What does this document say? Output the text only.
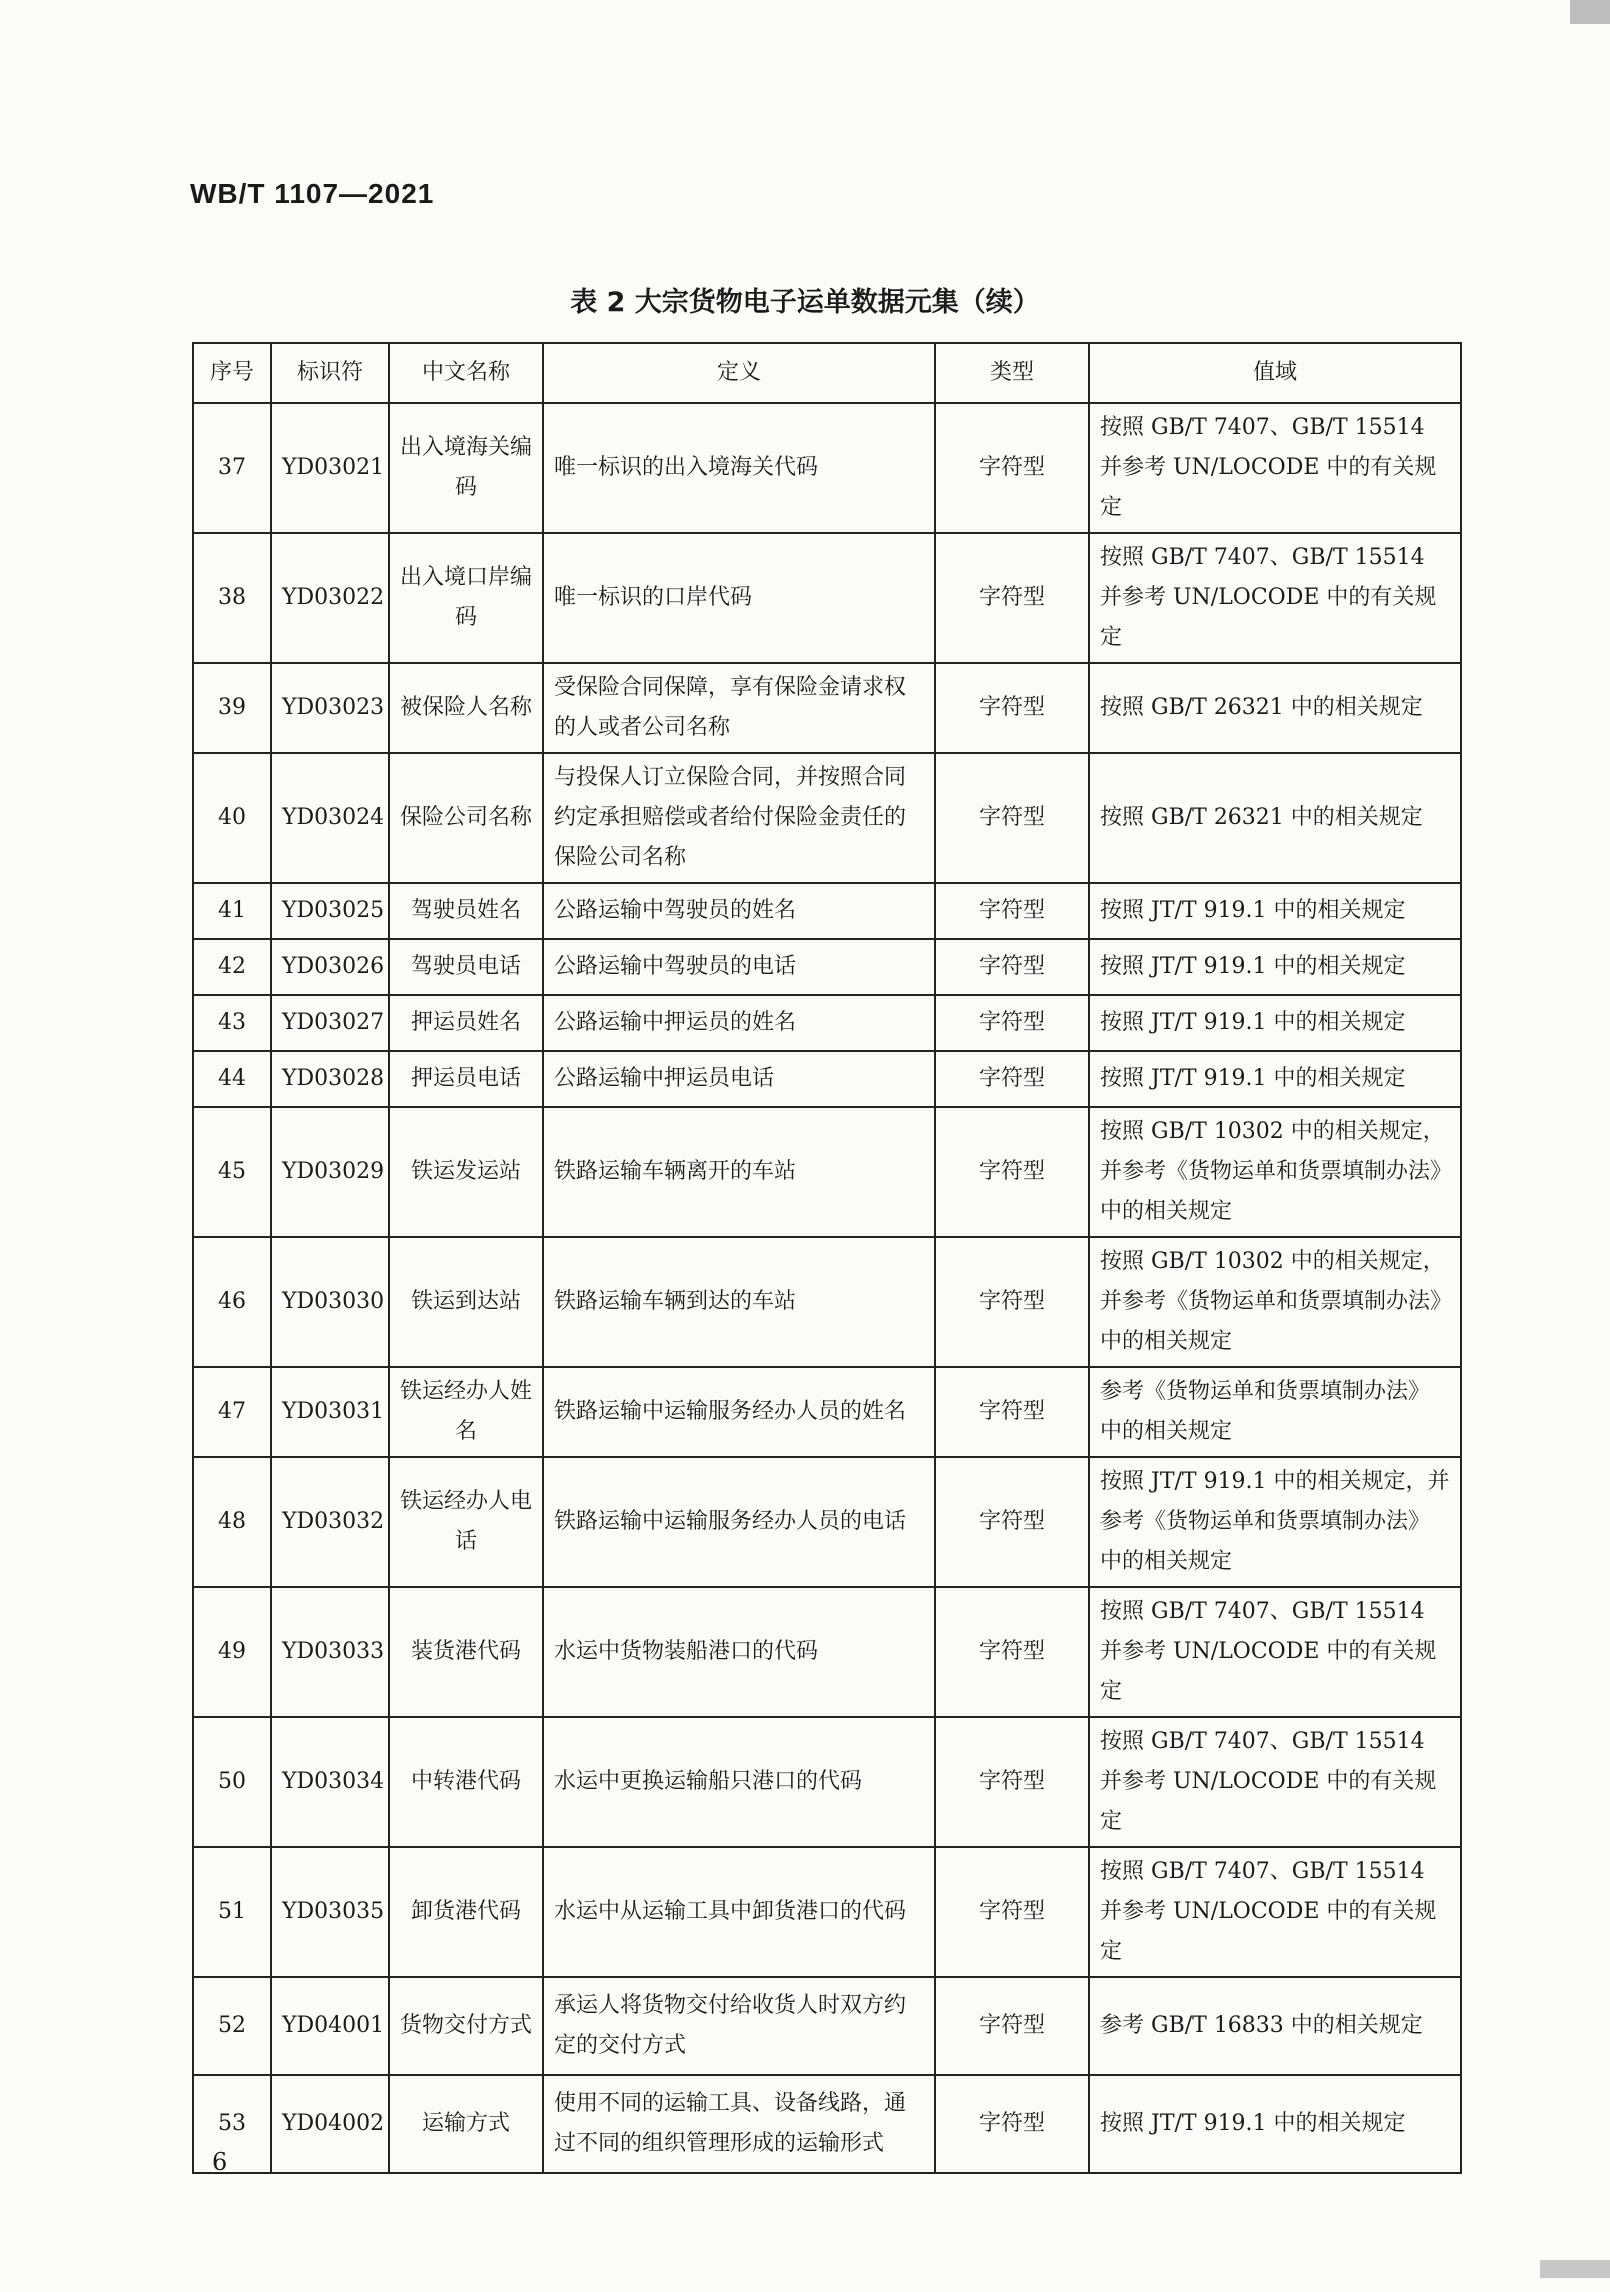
WB/T 1107—2021
表 2 大宗货物电子运单数据元集（续）
序号	标识符	中文名称	定义	类型	值域
37	YD03021	出入境海关编码	唯一标识的出入境海关代码	字符型	按照 GB/T 7407、GB/T 15514 并参考 UN/LOCODE 中的有关规定
38	YD03022	出入境口岸编码	唯一标识的口岸代码	字符型	按照 GB/T 7407、GB/T 15514 并参考 UN/LOCODE 中的有关规定
39	YD03023	被保险人名称	受保险合同保障，享有保险金请求权的人或者公司名称	字符型	按照 GB/T 26321 中的相关规定
40	YD03024	保险公司名称	与投保人订立保险合同，并按照合同约定承担赔偿或者给付保险金责任的保险公司名称	字符型	按照 GB/T 26321 中的相关规定
41	YD03025	驾驶员姓名	公路运输中驾驶员的姓名	字符型	按照 JT/T 919.1 中的相关规定
42	YD03026	驾驶员电话	公路运输中驾驶员的电话	字符型	按照 JT/T 919.1 中的相关规定
43	YD03027	押运员姓名	公路运输中押运员的姓名	字符型	按照 JT/T 919.1 中的相关规定
44	YD03028	押运员电话	公路运输中押运员电话	字符型	按照 JT/T 919.1 中的相关规定
45	YD03029	铁运发运站	铁路运输车辆离开的车站	字符型	按照 GB/T 10302 中的相关规定，并参考《货物运单和货票填制办法》中的相关规定
46	YD03030	铁运到达站	铁路运输车辆到达的车站	字符型	按照 GB/T 10302 中的相关规定，并参考《货物运单和货票填制办法》中的相关规定
47	YD03031	铁运经办人姓名	铁路运输中运输服务经办人员的姓名	字符型	参考《货物运单和货票填制办法》中的相关规定
48	YD03032	铁运经办人电话	铁路运输中运输服务经办人员的电话	字符型	按照 JT/T 919.1 中的相关规定，并参考《货物运单和货票填制办法》中的相关规定
49	YD03033	装货港代码	水运中货物装船港口的代码	字符型	按照 GB/T 7407、GB/T 15514 并参考 UN/LOCODE 中的有关规定
50	YD03034	中转港代码	水运中更换运输船只港口的代码	字符型	按照 GB/T 7407、GB/T 15514 并参考 UN/LOCODE 中的有关规定
51	YD03035	卸货港代码	水运中从运输工具中卸货港口的代码	字符型	按照 GB/T 7407、GB/T 15514 并参考 UN/LOCODE 中的有关规定
52	YD04001	货物交付方式	承运人将货物交付给收货人时双方约定的交付方式	字符型	参考 GB/T 16833 中的相关规定
53	YD04002	运输方式	使用不同的运输工具、设备线路，通过不同的组织管理形成的运输形式	字符型	按照 JT/T 919.1 中的相关规定
6
